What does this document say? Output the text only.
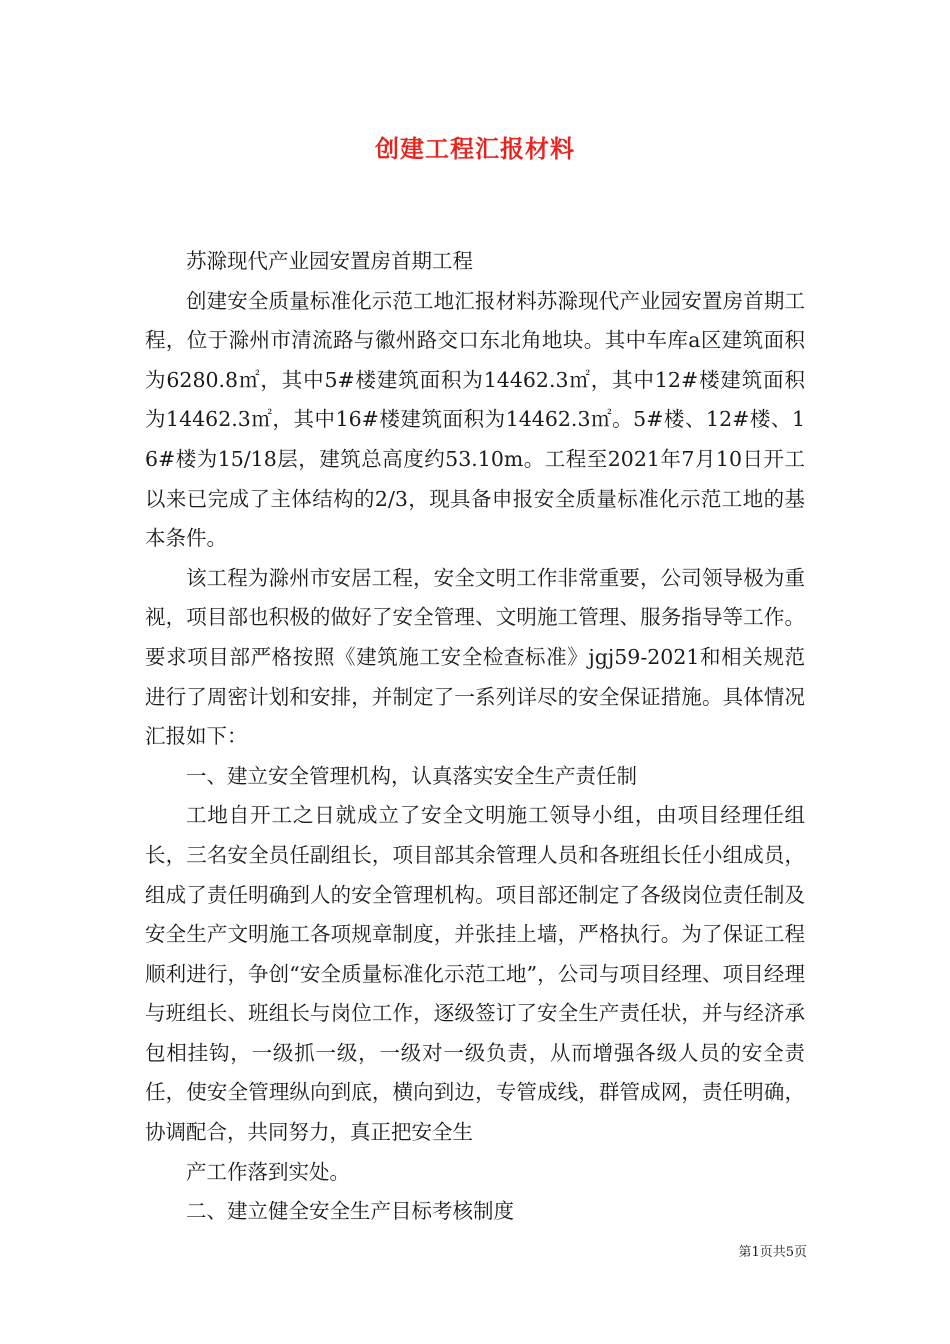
创建工程汇报材料

苏滁现代产业园安置房首期工程

创建安全质量标准化示范工地汇报材料苏滁现代产业园安置房首期工程，位于滁州市清流路与徽州路交口东北角地块。其中车库a区建筑面积为6280.8㎡，其中5#楼建筑面积为14462.3㎡，其中12#楼建筑面积为14462.3㎡，其中16#楼建筑面积为14462.3㎡。5#楼、12#楼、16#楼为15/18层，建筑总高度约53.10m。工程至2021年7月10日开工以来已完成了主体结构的2/3，现具备申报安全质量标准化示范工地的基本条件。

该工程为滁州市安居工程，安全文明工作非常重要，公司领导极为重视，项目部也积极的做好了安全管理、文明施工管理、服务指导等工作。要求项目部严格按照《建筑施工安全检查标准》jgj59-2021和相关规范进行了周密计划和安排，并制定了一系列详尽的安全保证措施。具体情况汇报如下：

一、建立安全管理机构，认真落实安全生产责任制

工地自开工之日就成立了安全文明施工领导小组，由项目经理任组长，三名安全员任副组长，项目部其余管理人员和各班组长任小组成员，组成了责任明确到人的安全管理机构。项目部还制定了各级岗位责任制及安全生产文明施工各项规章制度，并张挂上墙，严格执行。为了保证工程顺利进行，争创“安全质量标准化示范工地”，公司与项目经理、项目经理与班组长、班组长与岗位工作，逐级签订了安全生产责任状，并与经济承包相挂钩，一级抓一级，一级对一级负责，从而增强各级人员的安全责任，使安全管理纵向到底，横向到边，专管成线，群管成网，责任明确，协调配合，共同努力，真正把安全生

产工作落到实处。

二、建立健全安全生产目标考核制度

第1页共5页
